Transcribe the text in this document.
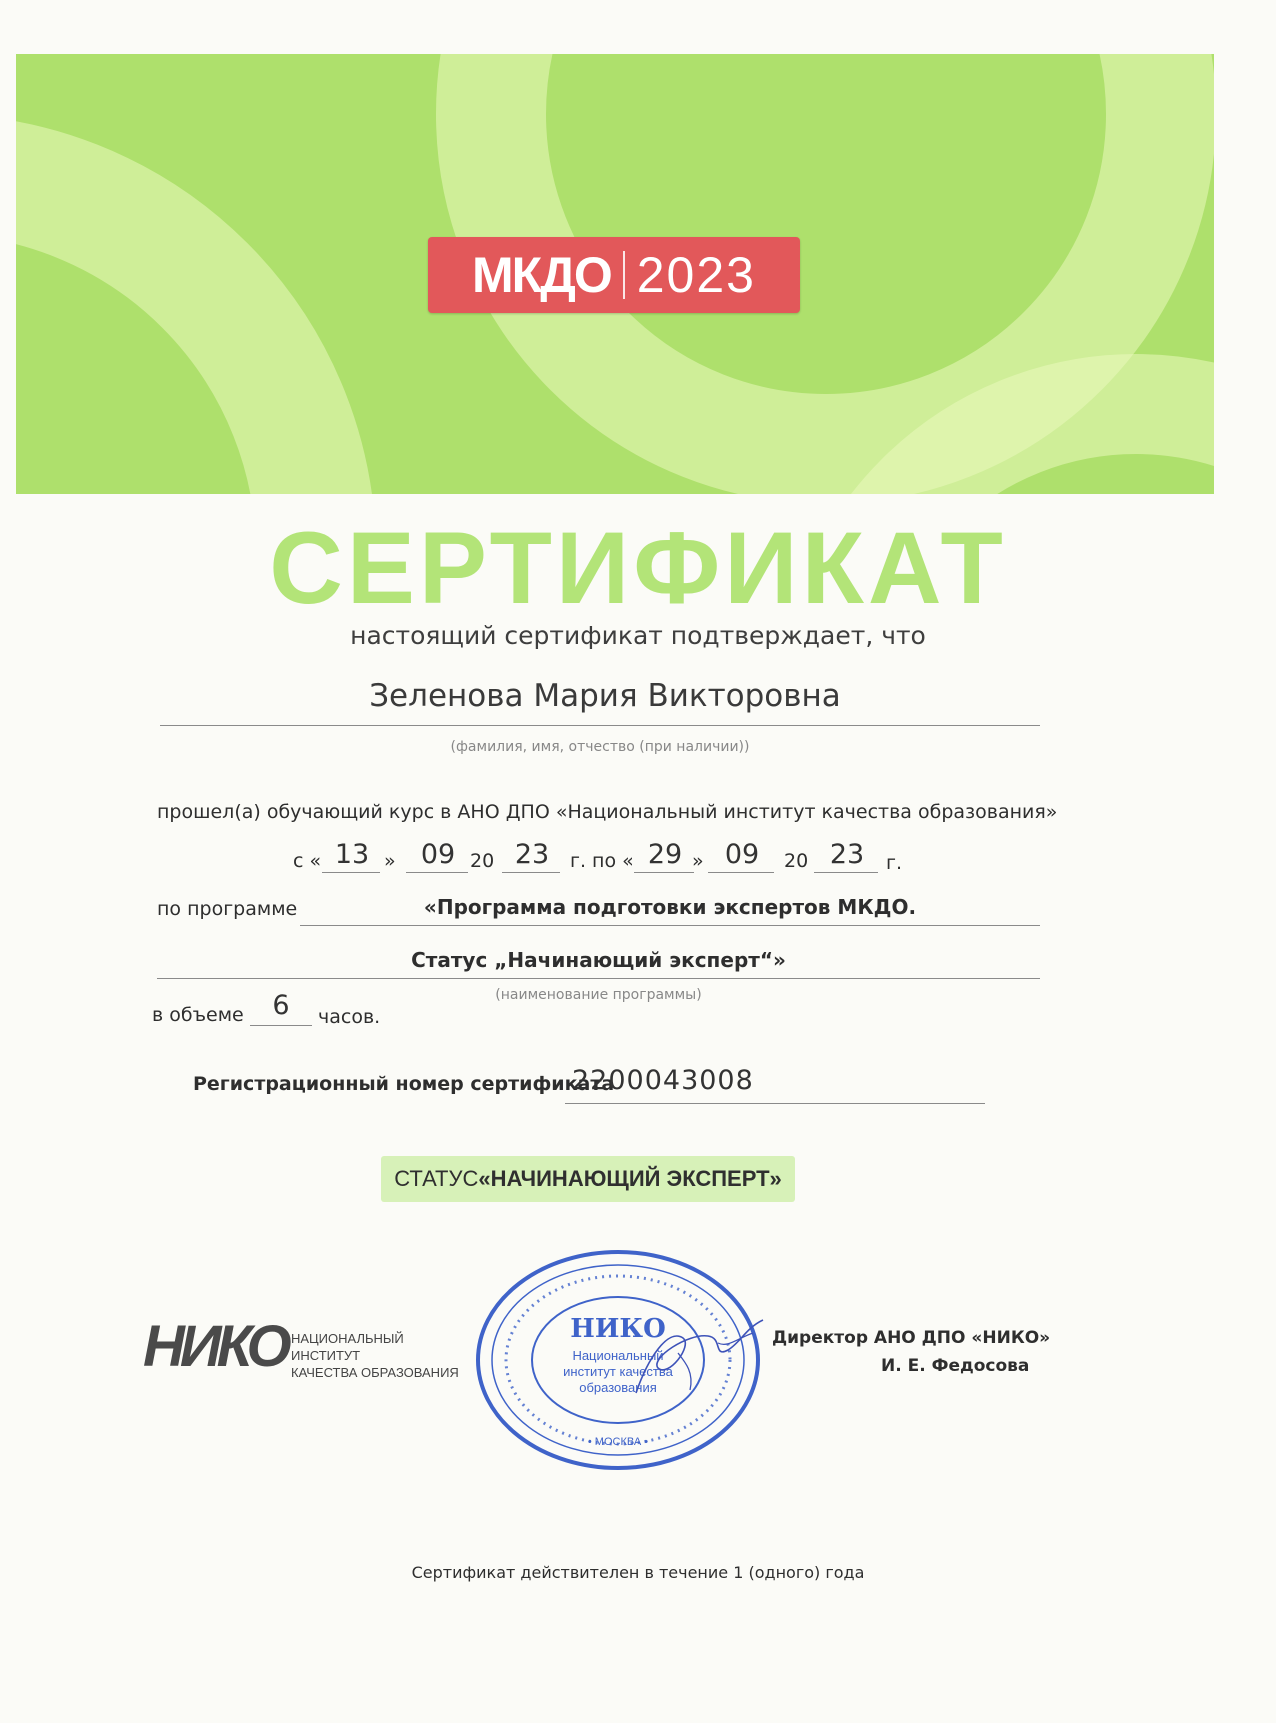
МКДО 2023
СЕРТИФИКАТ
настоящий сертификат подтверждает, что
Зеленова Мария Викторовна
(фамилия, имя, отчество (при наличии))
прошел(а) обучающий курс в АНО ДПО «Национальный институт качества образования»
с « 13 » 09 20 23	г. по « 29 » 09	20 23	г.
по программе	«Программа подготовки экспертов МКДО.
Статус „Начинающий эксперт“»
(наименование программы)
в объеме	6	часов.
Регистрационный номер сертификата
2200043008
СТАТУС «НАЧИНАЮЩИЙ ЭКСПЕРТ»
НИКО НАЦИОНАЛЬНЫЙ ИНСТИТУТ
КАЧЕСТВА ОБРАЗОВАНИЯ
НИКО
Национальный
институт качества
образования
• МОСКВА •
Директор АНО ДПО «НИКО»
И. Е. Федосова
Сертификат действителен в течение 1 (одного) года
